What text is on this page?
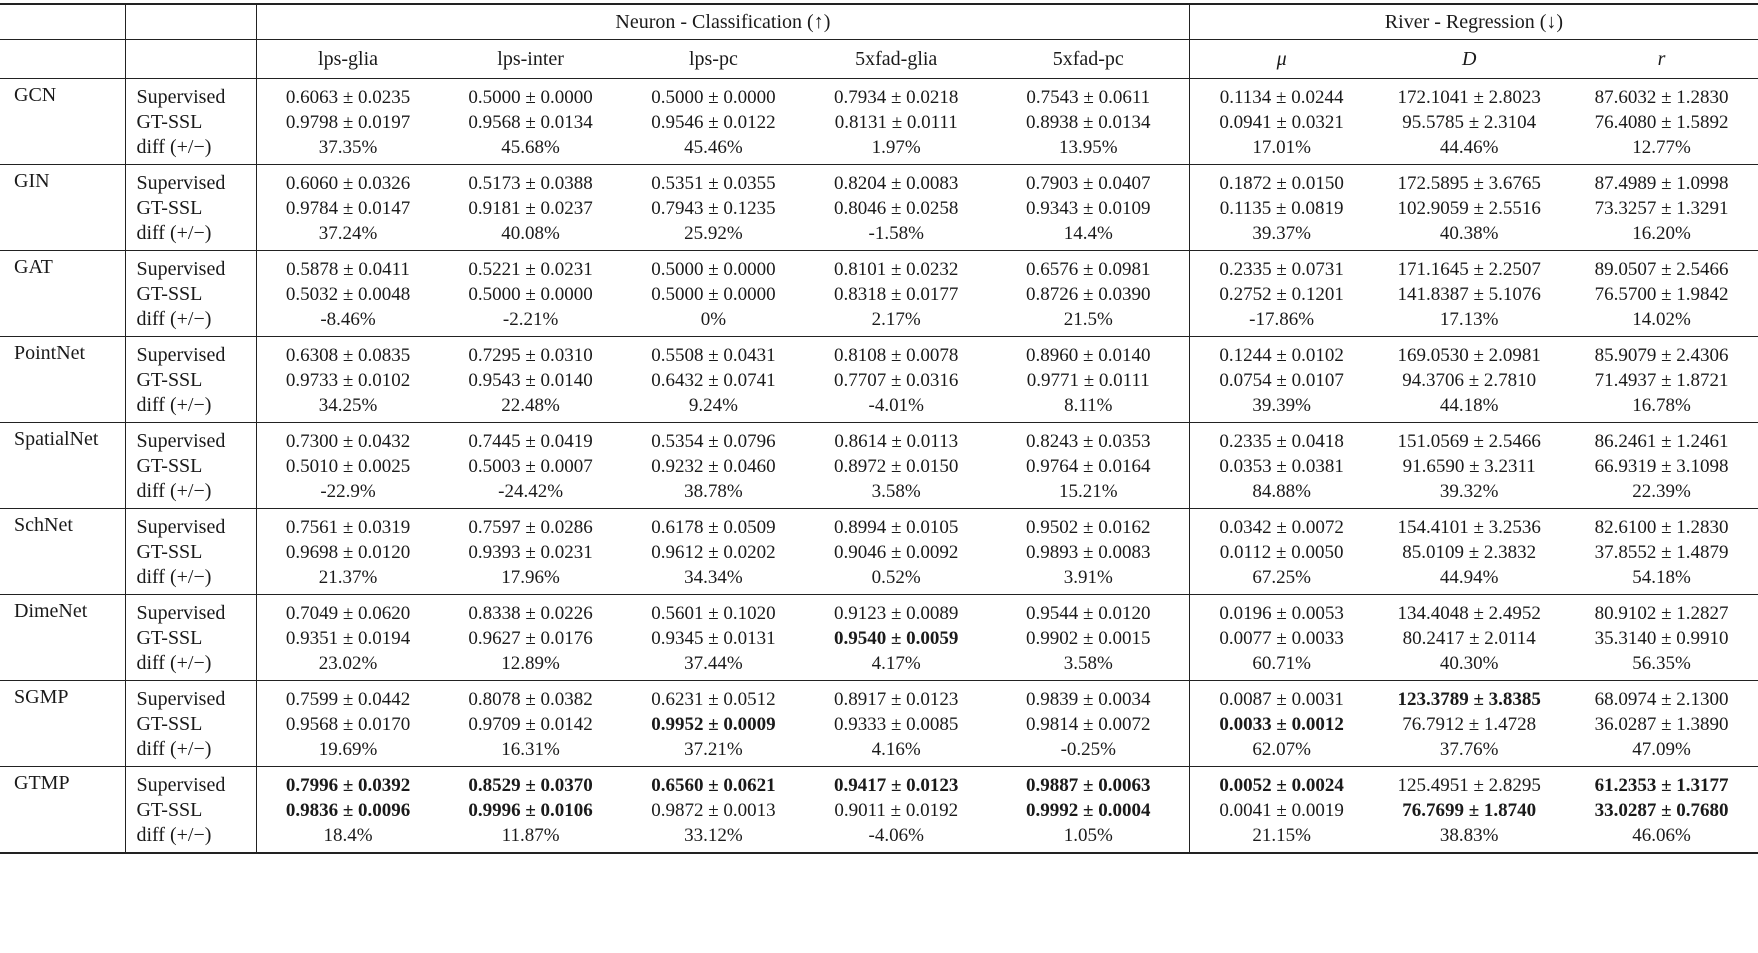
		Neuron - Classification (↑)					River - Regression (↓)		
		lps-glia	lps-inter	lps-pc	5xfad-glia	5xfad-pc	μ	D	r
GCN	Supervised	0.6063 ± 0.0235	0.5000 ± 0.0000	0.5000 ± 0.0000	0.7934 ± 0.0218	0.7543 ± 0.0611	0.1134 ± 0.0244	172.1041 ± 2.8023	87.6032 ± 1.2830
	GT-SSL	0.9798 ± 0.0197	0.9568 ± 0.0134	0.9546 ± 0.0122	0.8131 ± 0.0111	0.8938 ± 0.0134	0.0941 ± 0.0321	95.5785 ± 2.3104	76.4080 ± 1.5892
	diff (+/−)	37.35%	45.68%	45.46%	1.97%	13.95%	17.01%	44.46%	12.77%
GIN	Supervised	0.6060 ± 0.0326	0.5173 ± 0.0388	0.5351 ± 0.0355	0.8204 ± 0.0083	0.7903 ± 0.0407	0.1872 ± 0.0150	172.5895 ± 3.6765	87.4989 ± 1.0998
	GT-SSL	0.9784 ± 0.0147	0.9181 ± 0.0237	0.7943 ± 0.1235	0.8046 ± 0.0258	0.9343 ± 0.0109	0.1135 ± 0.0819	102.9059 ± 2.5516	73.3257 ± 1.3291
	diff (+/−)	37.24%	40.08%	25.92%	-1.58%	14.4%	39.37%	40.38%	16.20%
GAT	Supervised	0.5878 ± 0.0411	0.5221 ± 0.0231	0.5000 ± 0.0000	0.8101 ± 0.0232	0.6576 ± 0.0981	0.2335 ± 0.0731	171.1645 ± 2.2507	89.0507 ± 2.5466
	GT-SSL	0.5032 ± 0.0048	0.5000 ± 0.0000	0.5000 ± 0.0000	0.8318 ± 0.0177	0.8726 ± 0.0390	0.2752 ± 0.1201	141.8387 ± 5.1076	76.5700 ± 1.9842
	diff (+/−)	-8.46%	-2.21%	0%	2.17%	21.5%	-17.86%	17.13%	14.02%
PointNet	Supervised	0.6308 ± 0.0835	0.7295 ± 0.0310	0.5508 ± 0.0431	0.8108 ± 0.0078	0.8960 ± 0.0140	0.1244 ± 0.0102	169.0530 ± 2.0981	85.9079 ± 2.4306
	GT-SSL	0.9733 ± 0.0102	0.9543 ± 0.0140	0.6432 ± 0.0741	0.7707 ± 0.0316	0.9771 ± 0.0111	0.0754 ± 0.0107	94.3706 ± 2.7810	71.4937 ± 1.8721
	diff (+/−)	34.25%	22.48%	9.24%	-4.01%	8.11%	39.39%	44.18%	16.78%
SpatialNet	Supervised	0.7300 ± 0.0432	0.7445 ± 0.0419	0.5354 ± 0.0796	0.8614 ± 0.0113	0.8243 ± 0.0353	0.2335 ± 0.0418	151.0569 ± 2.5466	86.2461 ± 1.2461
	GT-SSL	0.5010 ± 0.0025	0.5003 ± 0.0007	0.9232 ± 0.0460	0.8972 ± 0.0150	0.9764 ± 0.0164	0.0353 ± 0.0381	91.6590 ± 3.2311	66.9319 ± 3.1098
	diff (+/−)	-22.9%	-24.42%	38.78%	3.58%	15.21%	84.88%	39.32%	22.39%
SchNet	Supervised	0.7561 ± 0.0319	0.7597 ± 0.0286	0.6178 ± 0.0509	0.8994 ± 0.0105	0.9502 ± 0.0162	0.0342 ± 0.0072	154.4101 ± 3.2536	82.6100 ± 1.2830
	GT-SSL	0.9698 ± 0.0120	0.9393 ± 0.0231	0.9612 ± 0.0202	0.9046 ± 0.0092	0.9893 ± 0.0083	0.0112 ± 0.0050	85.0109 ± 2.3832	37.8552 ± 1.4879
	diff (+/−)	21.37%	17.96%	34.34%	0.52%	3.91%	67.25%	44.94%	54.18%
DimeNet	Supervised	0.7049 ± 0.0620	0.8338 ± 0.0226	0.5601 ± 0.1020	0.9123 ± 0.0089	0.9544 ± 0.0120	0.0196 ± 0.0053	134.4048 ± 2.4952	80.9102 ± 1.2827
	GT-SSL	0.9351 ± 0.0194	0.9627 ± 0.0176	0.9345 ± 0.0131	0.9540 ± 0.0059	0.9902 ± 0.0015	0.0077 ± 0.0033	80.2417 ± 2.0114	35.3140 ± 0.9910
	diff (+/−)	23.02%	12.89%	37.44%	4.17%	3.58%	60.71%	40.30%	56.35%
SGMP	Supervised	0.7599 ± 0.0442	0.8078 ± 0.0382	0.6231 ± 0.0512	0.8917 ± 0.0123	0.9839 ± 0.0034	0.0087 ± 0.0031	123.3789 ± 3.8385	68.0974 ± 2.1300
	GT-SSL	0.9568 ± 0.0170	0.9709 ± 0.0142	0.9952 ± 0.0009	0.9333 ± 0.0085	0.9814 ± 0.0072	0.0033 ± 0.0012	76.7912 ± 1.4728	36.0287 ± 1.3890
	diff (+/−)	19.69%	16.31%	37.21%	4.16%	-0.25%	62.07%	37.76%	47.09%
GTMP	Supervised	0.7996 ± 0.0392	0.8529 ± 0.0370	0.6560 ± 0.0621	0.9417 ± 0.0123	0.9887 ± 0.0063	0.0052 ± 0.0024	125.4951 ± 2.8295	61.2353 ± 1.3177
	GT-SSL	0.9836 ± 0.0096	0.9996 ± 0.0106	0.9872 ± 0.0013	0.9011 ± 0.0192	0.9992 ± 0.0004	0.0041 ± 0.0019	76.7699 ± 1.8740	33.0287 ± 0.7680
	diff (+/−)	18.4%	11.87%	33.12%	-4.06%	1.05%	21.15%	38.83%	46.06%
